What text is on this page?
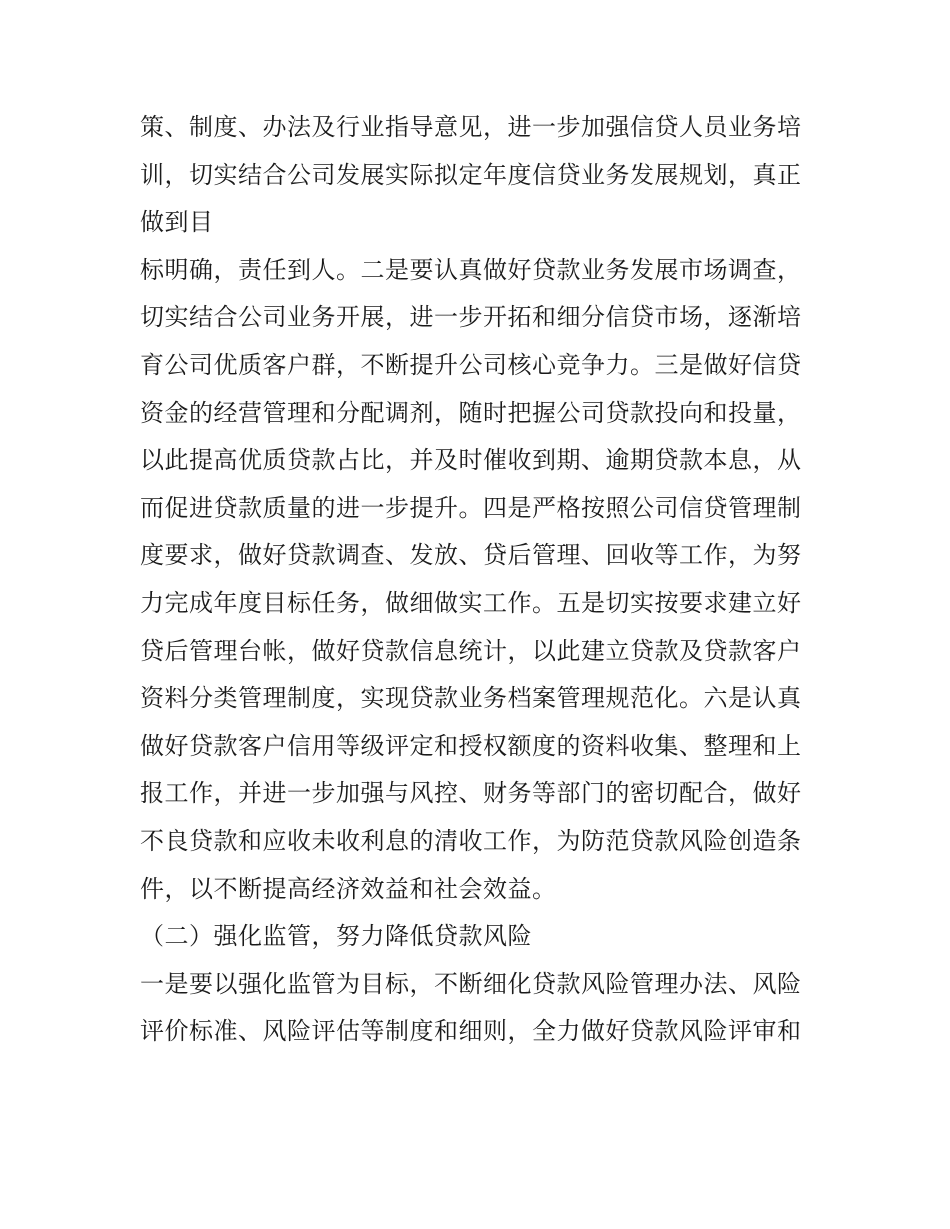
策、制度、办法及行业指导意见，进一步加强信贷人员业务培
训，切实结合公司发展实际拟定年度信贷业务发展规划，真正
做到目
标明确，责任到人。二是要认真做好贷款业务发展市场调查，
切实结合公司业务开展，进一步开拓和细分信贷市场，逐渐培
育公司优质客户群，不断提升公司核心竞争力。三是做好信贷
资金的经营管理和分配调剂，随时把握公司贷款投向和投量，
以此提高优质贷款占比，并及时催收到期、逾期贷款本息，从
而促进贷款质量的进一步提升。四是严格按照公司信贷管理制
度要求，做好贷款调查、发放、贷后管理、回收等工作，为努
力完成年度目标任务，做细做实工作。五是切实按要求建立好
贷后管理台帐，做好贷款信息统计，以此建立贷款及贷款客户
资料分类管理制度，实现贷款业务档案管理规范化。六是认真
做好贷款客户信用等级评定和授权额度的资料收集、整理和上
报工作，并进一步加强与风控、财务等部门的密切配合，做好
不良贷款和应收未收利息的清收工作，为防范贷款风险创造条
件，以不断提高经济效益和社会效益。
（二）强化监管，努力降低贷款风险
一是要以强化监管为目标，不断细化贷款风险管理办法、风险
评价标准、风险评估等制度和细则，全力做好贷款风险评审和
